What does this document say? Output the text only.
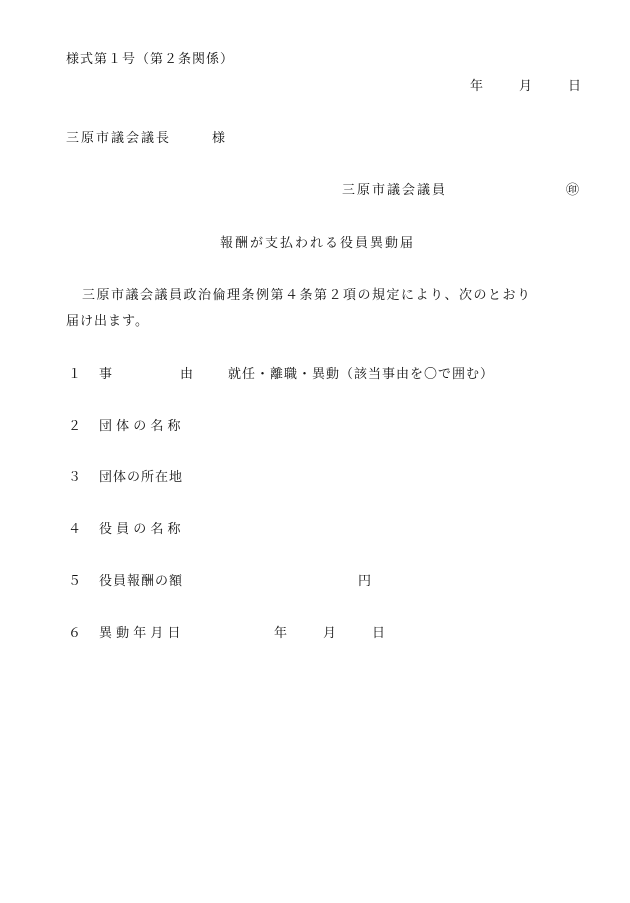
様式第１号（第２条関係）
年	月	日
三原市議会議長	様
三原市議会議員	㊞
報酬が支払われる役員異動届
三原市議会議員政治倫理条例第４条第２項の規定により、次のとおり
届け出ます。
１ 事	由	就任・離職・異動（該当事由を〇で囲む）
２ 団 体 の 名 称
３ 団体の所在地
４ 役 員 の 名 称
５ 役員報酬の額	円
６ 異 動 年 月 日	年	月	日
